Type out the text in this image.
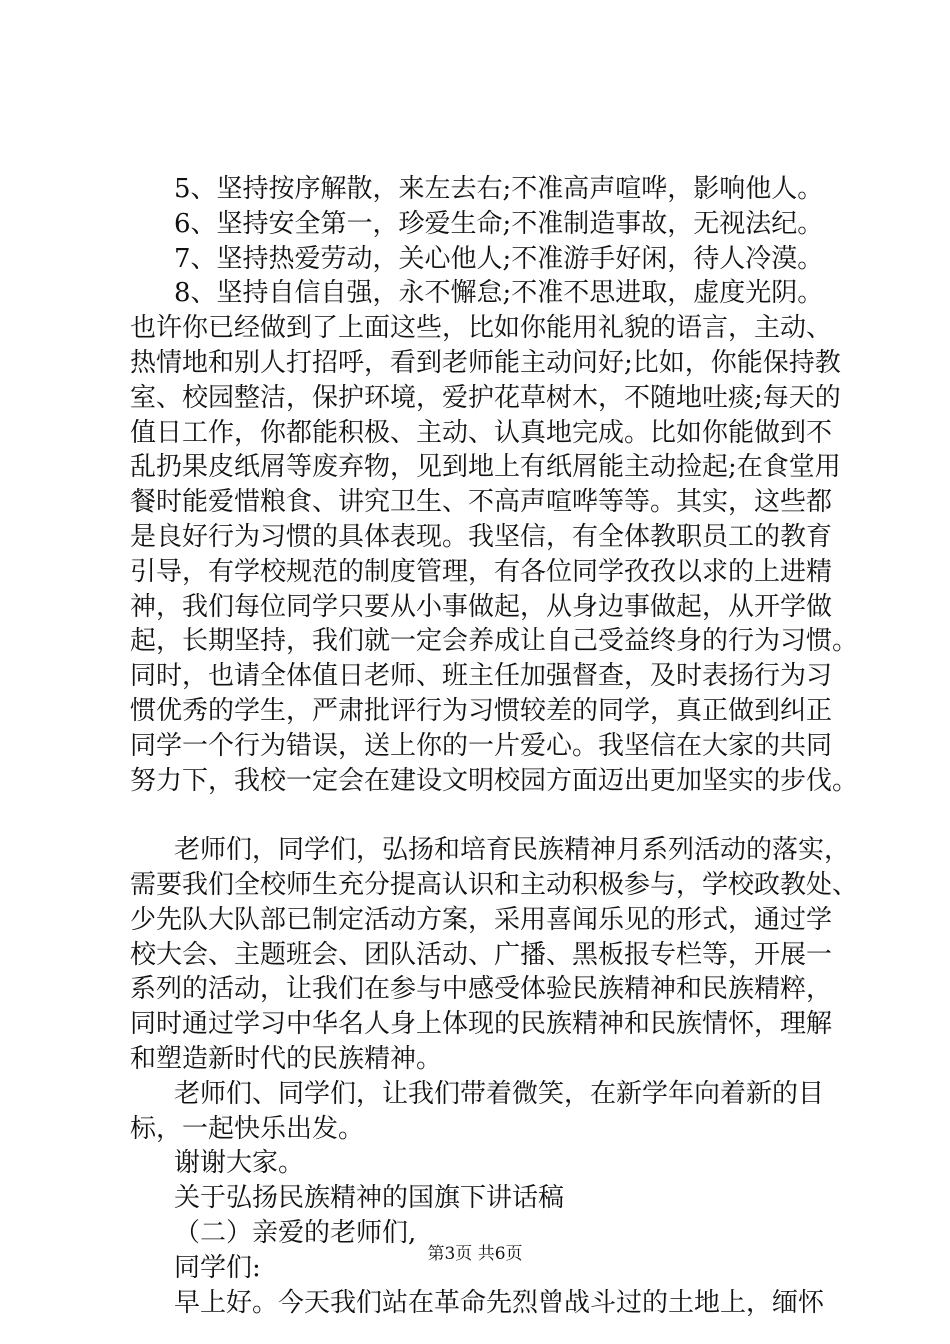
5、坚持按序解散，来左去右;不准高声喧哗，影响他人。
6、坚持安全第一，珍爱生命;不准制造事故，无视法纪。
7、坚持热爱劳动，关心他人;不准游手好闲，待人冷漠。
8、坚持自信自强，永不懈怠;不准不思进取，虚度光阴。
也许你已经做到了上面这些，比如你能用礼貌的语言，主动、
热情地和别人打招呼，看到老师能主动问好;比如，你能保持教
室、校园整洁，保护环境，爱护花草树木，不随地吐痰;每天的
值日工作，你都能积极、主动、认真地完成。比如你能做到不
乱扔果皮纸屑等废弃物，见到地上有纸屑能主动捡起;在食堂用
餐时能爱惜粮食、讲究卫生、不高声喧哗等等。其实，这些都
是良好行为习惯的具体表现。我坚信，有全体教职员工的教育
引导，有学校规范的制度管理，有各位同学孜孜以求的上进精
神，我们每位同学只要从小事做起，从身边事做起，从开学做
起，长期坚持，我们就一定会养成让自己受益终身的行为习惯。
同时，也请全体值日老师、班主任加强督查，及时表扬行为习
惯优秀的学生，严肃批评行为习惯较差的同学，真正做到纠正
同学一个行为错误，送上你的一片爱心。我坚信在大家的共同
努力下，我校一定会在建设文明校园方面迈出更加坚实的步伐。
老师们，同学们，弘扬和培育民族精神月系列活动的落实，
需要我们全校师生充分提高认识和主动积极参与，学校政教处、
少先队大队部已制定活动方案，采用喜闻乐见的形式，通过学
校大会、主题班会、团队活动、广播、黑板报专栏等，开展一
系列的活动，让我们在参与中感受体验民族精神和民族精粹，
同时通过学习中华名人身上体现的民族精神和民族情怀，理解
和塑造新时代的民族精神。
老师们、同学们，让我们带着微笑，在新学年向着新的目
标，一起快乐出发。
谢谢大家。
关于弘扬民族精神的国旗下讲话稿
（二）亲爱的老师们,
同学们:
早上好。今天我们站在革命先烈曾战斗过的土地上，缅怀
第3页 共6页
